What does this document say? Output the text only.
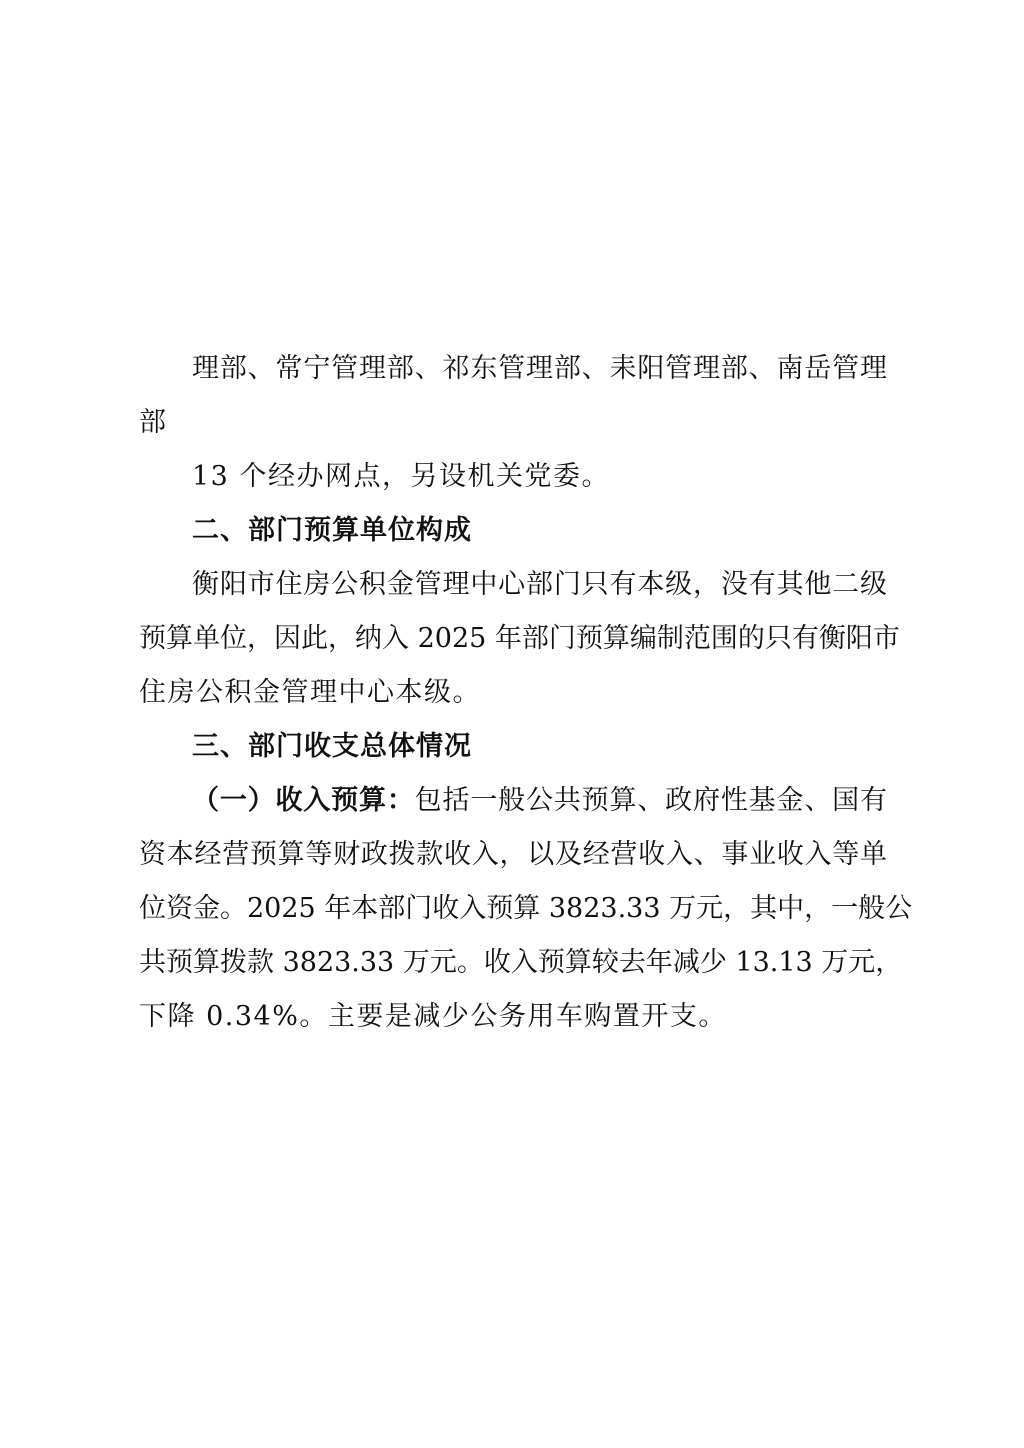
理部、常宁管理部、祁东管理部、耒阳管理部、南岳管理
部
13 个经办网点，另设机关党委。
二、部门预算单位构成
衡阳市住房公积金管理中心部门只有本级，没有其他二级
预算单位，因此，纳入 2025 年部门预算编制范围的只有衡阳市
住房公积金管理中心本级。
三、部门收支总体情况
（一）收入预算：包括一般公共预算、政府性基金、国有
资本经营预算等财政拨款收入，以及经营收入、事业收入等单
位资金。2025 年本部门收入预算 3823.33 万元，其中，一般公
共预算拨款 3823.33 万元。收入预算较去年减少 13.13 万元，
下降 0.34%。主要是减少公务用车购置开支。
